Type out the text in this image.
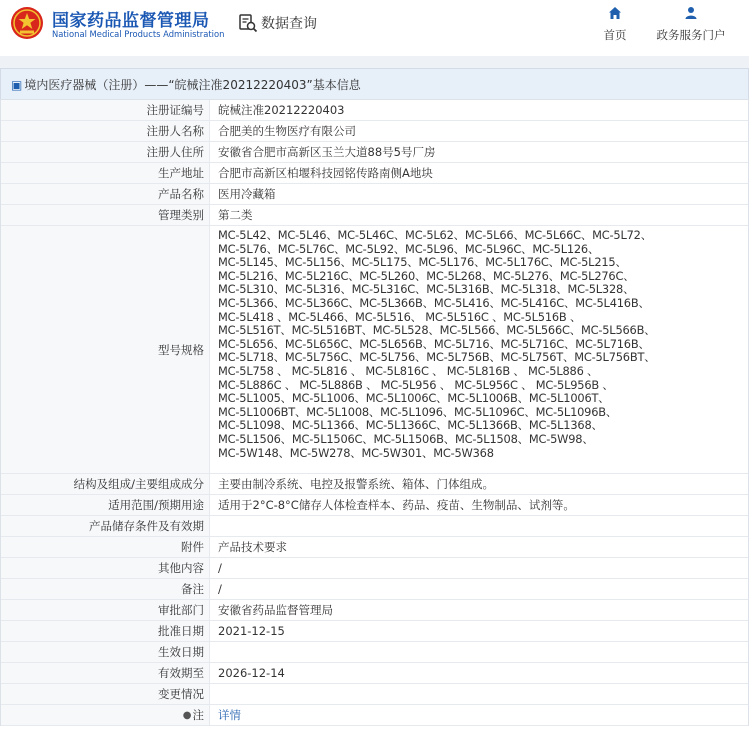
国家药品监督管理局
National Medical Products Administration
数据查询
首页	政务服务门户
▣ 境内医疗器械（注册）——“皖械注准20212220403”基本信息
注册证编号	皖械注准20212220403
注册人名称	合肥美的生物医疗有限公司
注册人住所	安徽省合肥市高新区玉兰大道88号5号厂房
生产地址	合肥市高新区柏堰科技园铭传路南侧A地块
产品名称	医用冷藏箱
管理类别	第二类
型号规格
MC-5L42、MC-5L46、MC-5L46C、MC-5L62、MC-5L66、MC-5L66C、MC-5L72、
MC-5L76、MC-5L76C、MC-5L92、MC-5L96、MC-5L96C、MC-5L126、
MC-5L145、MC-5L156、MC-5L175、MC-5L176、MC-5L176C、MC-5L215、
MC-5L216、MC-5L216C、MC-5L260、MC-5L268、MC-5L276、MC-5L276C、
MC-5L310、MC-5L316、MC-5L316C、MC-5L316B、MC-5L318、MC-5L328、
MC-5L366、MC-5L366C、MC-5L366B、MC-5L416、MC-5L416C、MC-5L416B、
MC-5L418 、MC-5L466、MC-5L516、 MC-5L516C 、MC-5L516B 、
MC-5L516T、MC-5L516BT、MC-5L528、MC-5L566、MC-5L566C、MC-5L566B、
MC-5L656、MC-5L656C、MC-5L656B、MC-5L716、MC-5L716C、MC-5L716B、
MC-5L718、MC-5L756C、MC-5L756、MC-5L756B、MC-5L756T、MC-5L756BT、
MC-5L758 、 MC-5L816 、 MC-5L816C 、 MC-5L816B 、 MC-5L886 、
MC-5L886C 、 MC-5L886B 、 MC-5L956 、 MC-5L956C 、 MC-5L956B 、
MC-5L1005、MC-5L1006、MC-5L1006C、MC-5L1006B、MC-5L1006T、
MC-5L1006BT、MC-5L1008、MC-5L1096、MC-5L1096C、MC-5L1096B、
MC-5L1098、MC-5L1366、MC-5L1366C、MC-5L1366B、MC-5L1368、
MC-5L1506、MC-5L1506C、MC-5L1506B、MC-5L1508、MC-5W98、
MC-5W148、MC-5W278、MC-5W301、MC-5W368
结构及组成/主要组成成分	主要由制冷系统、电控及报警系统、箱体、门体组成。
适用范围/预期用途	适用于2°C-8°C储存人体检查样本、药品、疫苗、生物制品、试剂等。
产品储存条件及有效期
附件	产品技术要求
其他内容	/
备注	/
审批部门	安徽省药品监督管理局
批准日期	2021-12-15
生效日期
有效期至	2026-12-14
变更情况
● 注 详情
